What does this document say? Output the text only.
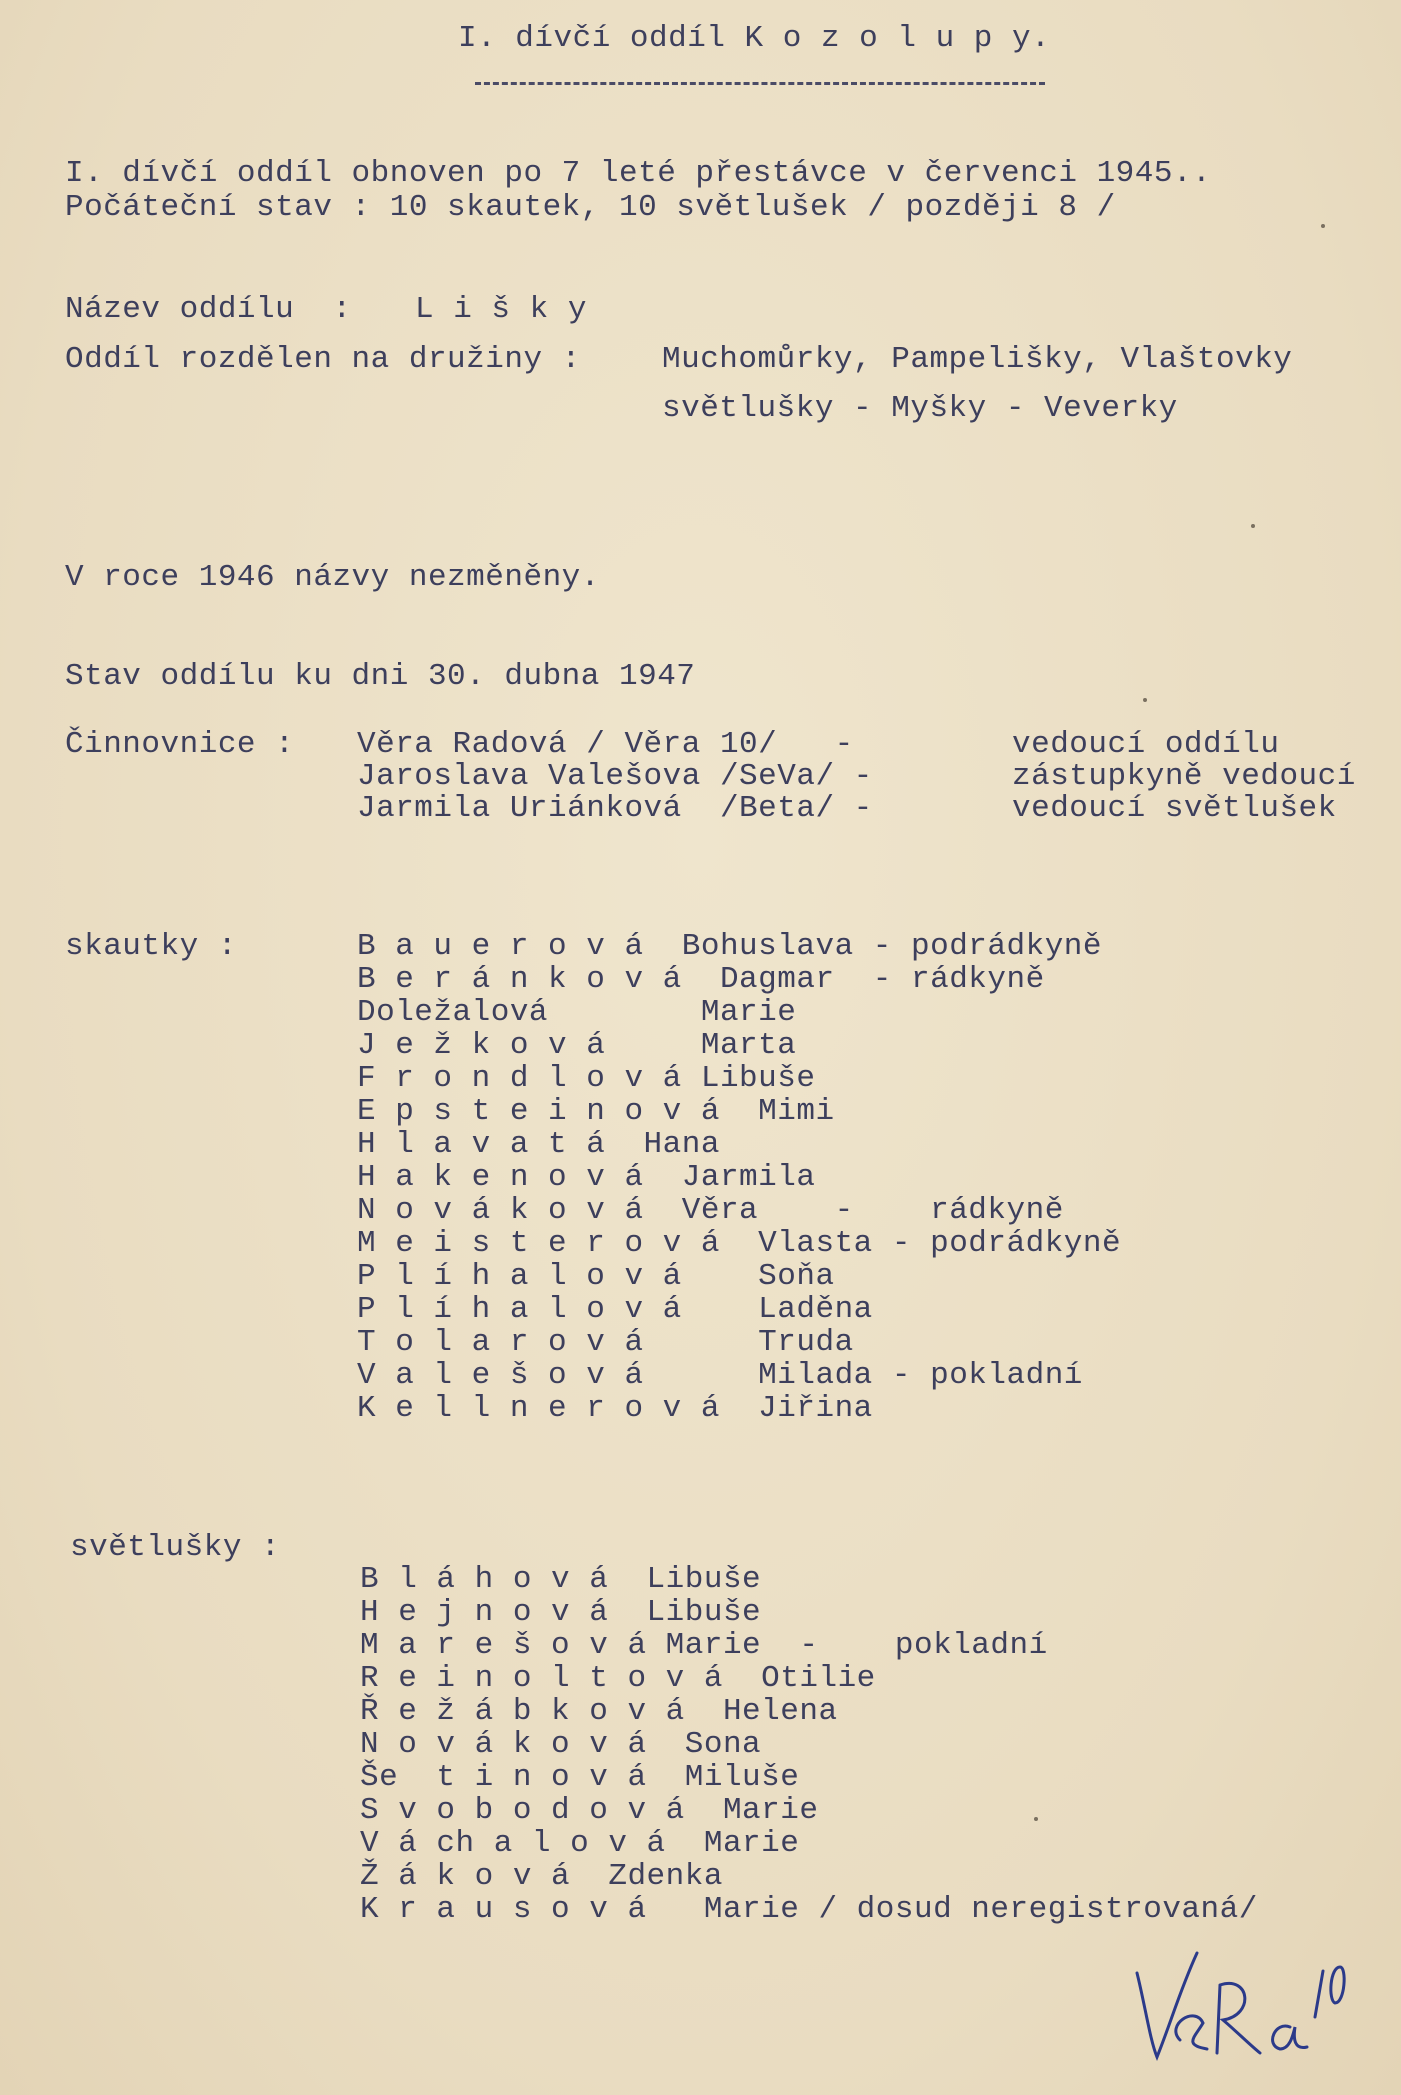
I. dívčí oddíl K o z o l u p y.
I. dívčí oddíl obnoven po 7 leté přestávce v červenci 1945..
Počáteční stav : 10 skautek, 10 světlušek / později 8 /
Název oddílu  : L i š k y
Oddíl rozdělen na družiny :	Muchomůrky, Pampelišky, Vlaštovky
světlušky - Myšky - Veverky
V roce 1946 názvy nezměněny.
Stav oddílu ku dni 30. dubna 1947
Činnovnice : Věra Radová / Věra 10/   -	vedoucí oddílu
Jaroslava Valešova /SeVa/ -	zástupkyně vedoucí
Jarmila Uriánková  /Beta/ -	vedoucí světlušek
skautky :	B a u e r o v á  Bohuslava - podrádkyně
B e r á n k o v á  Dagmar  - rádkyně
Doležalová        Marie
J e ž k o v á     Marta
F r o n d l o v á Libuše
E p s t e i n o v á  Mimi
H l a v a t á  Hana
H a k e n o v á  Jarmila
N o v á k o v á  Věra    -    rádkyně
M e i s t e r o v á  Vlasta - podrádkyně
P l í h a l o v á    Soňa
P l í h a l o v á    Laděna
T o l a r o v á      Truda
V a l e š o v á      Milada - pokladní
K e l l n e r o v á  Jiřina
světlušky :
B l á h o v á  Libuše
H e j n o v á  Libuše
M a r e š o v á Marie  -    pokladní
R e i n o l t o v á  Otilie
Ř e ž á b k o v á  Helena
N o v á k o v á  Sona
Še  t i n o v á  Miluše
S v o b o d o v á  Marie
V á ch a l o v á  Marie
Ž á k o v á  Zdenka
K r a u s o v á   Marie / dosud neregistrovaná/
